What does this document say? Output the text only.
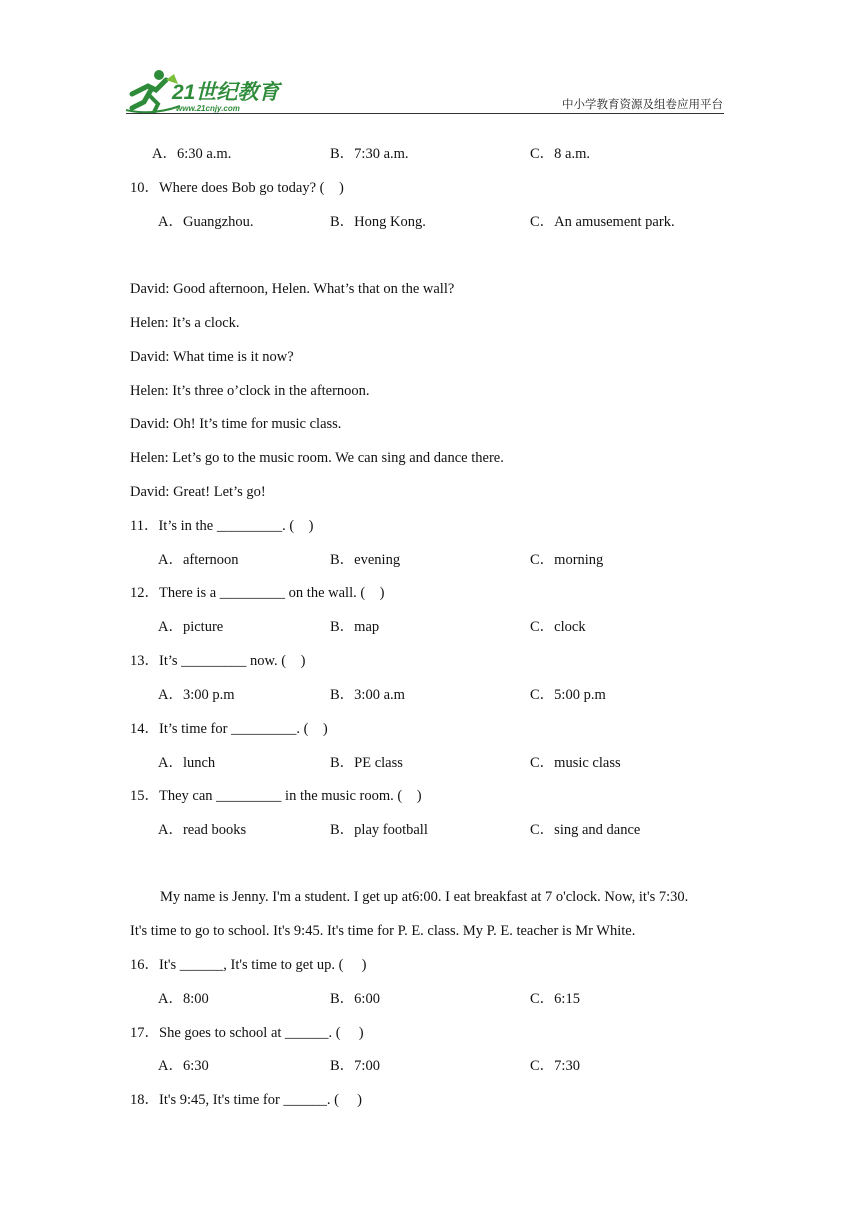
21世纪教育
www.21cnjy.com	中小学教育资源及组卷应用平台
A．6:30 a.m.	B．7:30 a.m.	C．8 a.m.
10．Where does Bob go today? (　)
A．Guangzhou.	B．Hong Kong.	C．An amusement park.
David: Good afternoon, Helen. What’s that on the wall?
Helen: It’s a clock.
David: What time is it now?
Helen: It’s three o’clock in the afternoon.
David: Oh! It’s time for music class.
Helen: Let’s go to the music room. We can sing and dance there.
David: Great! Let’s go!
11．It’s in the _________. (　)
A．afternoon	B．evening	C．morning
12．There is a _________ on the wall. (　)
A．picture	B．map	C．clock
13．It’s _________ now. (　)
A．3:00 p.m	B．3:00 a.m	C．5:00 p.m
14．It’s time for _________. (　)
A．lunch	B．PE class	C．music class
15．They can _________ in the music room. (　)
A．read books	B．play football	C．sing and dance
My name is Jenny. I'm a student. I get up at6:00. I eat breakfast at 7 o'clock. Now, it's 7:30.
It's time to go to school. It's 9:45. It's time for P. E. class. My P. E. teacher is Mr White.
16．It's ______, It's time to get up. (　 )
A．8:00	B．6:00	C．6:15
17．She goes to school at ______. (　 )
A．6:30	B．7:00	C．7:30
18．It's 9:45, It's time for ______. (　 )
